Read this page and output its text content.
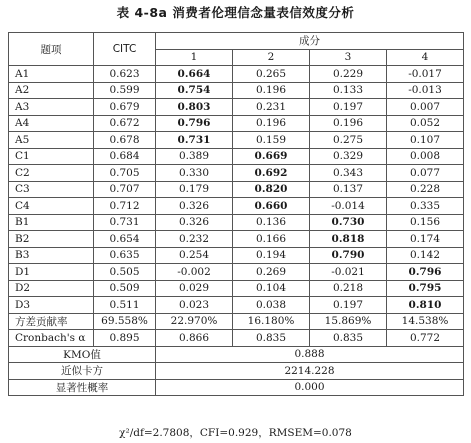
表 4-8a 消费者伦理信念量表信效度分析
题项	CITC	成分			
		1	2	3	4
A1	0.623	0.664	0.265	0.229	-0.017
A2	0.599	0.754	0.196	0.133	-0.013
A3	0.679	0.803	0.231	0.197	0.007
A4	0.672	0.796	0.196	0.196	0.052
A5	0.678	0.731	0.159	0.275	0.107
C1	0.684	0.389	0.669	0.329	0.008
C2	0.705	0.330	0.692	0.343	0.077
C3	0.707	0.179	0.820	0.137	0.228
C4	0.712	0.326	0.660	-0.014	0.335
B1	0.731	0.326	0.136	0.730	0.156
B2	0.654	0.232	0.166	0.818	0.174
B3	0.635	0.254	0.194	0.790	0.142
D1	0.505	-0.002	0.269	-0.021	0.796
D2	0.509	0.029	0.104	0.218	0.795
D3	0.511	0.023	0.038	0.197	0.810
方差贡献率	69.558%	22.970%	16.180%	15.869%	14.538%
Cronbach's α	0.895	0.866	0.835	0.835	0.772
KMO值		0.888			
近似卡方		2214.228			
显著性概率		0.000			
χ²/df=2.7808，CFI=0.929，RMSEM=0.078
